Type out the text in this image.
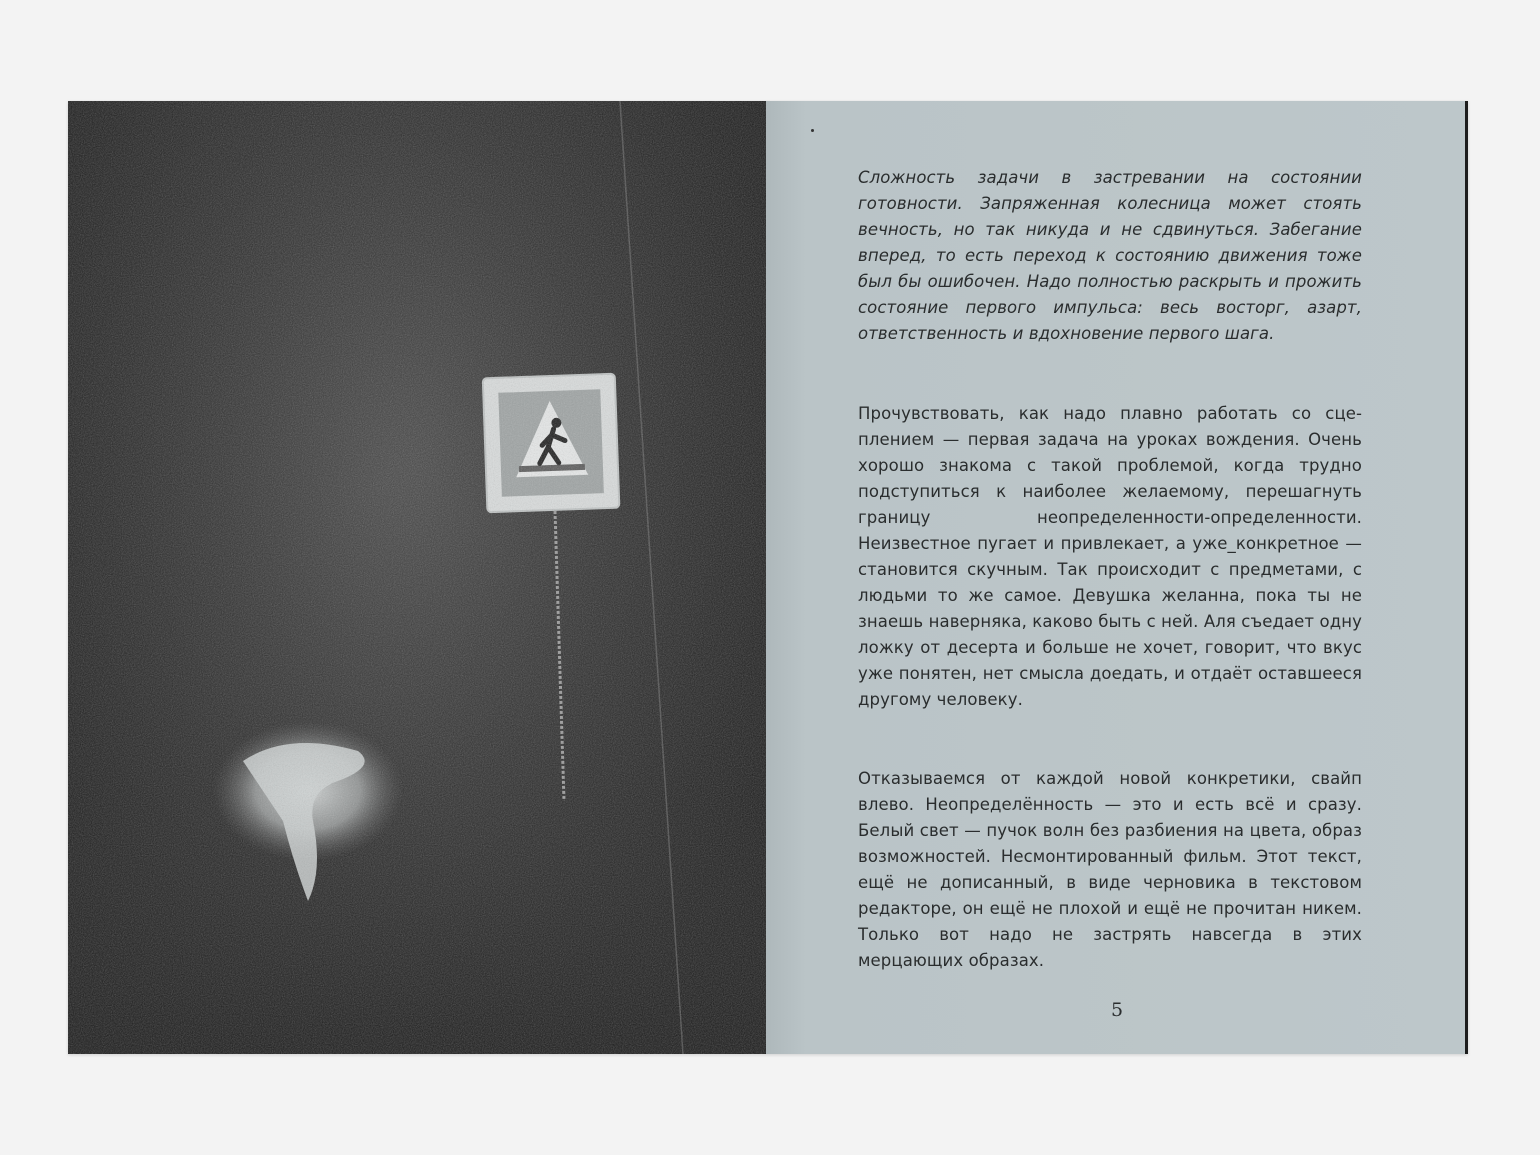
Сложность задачи в застревании на состоянии готовности. Запряженная колесница может стоять вечность, но так никуда и не сдвинуться. Забегание вперед, то есть переход к состоянию движения тоже был бы ошибочен. Надо полностью раскрыть и прожить состояние первого импульса: весь восторг, азарт, ответственность и вдохновение первого шага.

Прочувствовать, как надо плавно работать со сцеплением — первая задача на уроках вождения. Очень хорошо знакома с такой проблемой, когда трудно подступиться к наиболее желаемому, перешагнуть границу неопределенности-определенности. Неизвестное пугает и привлекает, а уже_конкретное — становится скучным. Так происходит с предметами, с людьми то же самое. Девушка желанна, пока ты не знаешь наверняка, каково быть с ней. Аля съедает одну ложку от десерта и больше не хочет, говорит, что вкус уже понятен, нет смысла доедать, и отдаёт оставшееся другому человеку.

Отказываемся от каждой новой конкретики, свайп влево. Неопределённость — это и есть всё и сразу. Белый свет — пучок волн без разбиения на цвета, образ возможностей. Несмонтированный фильм. Этот текст, ещё не дописанный, в виде черновика в текстовом редакторе, он ещё не плохой и ещё не прочитан никем. Только вот надо не застрять навсегда в этих мерцающих образах.

5
